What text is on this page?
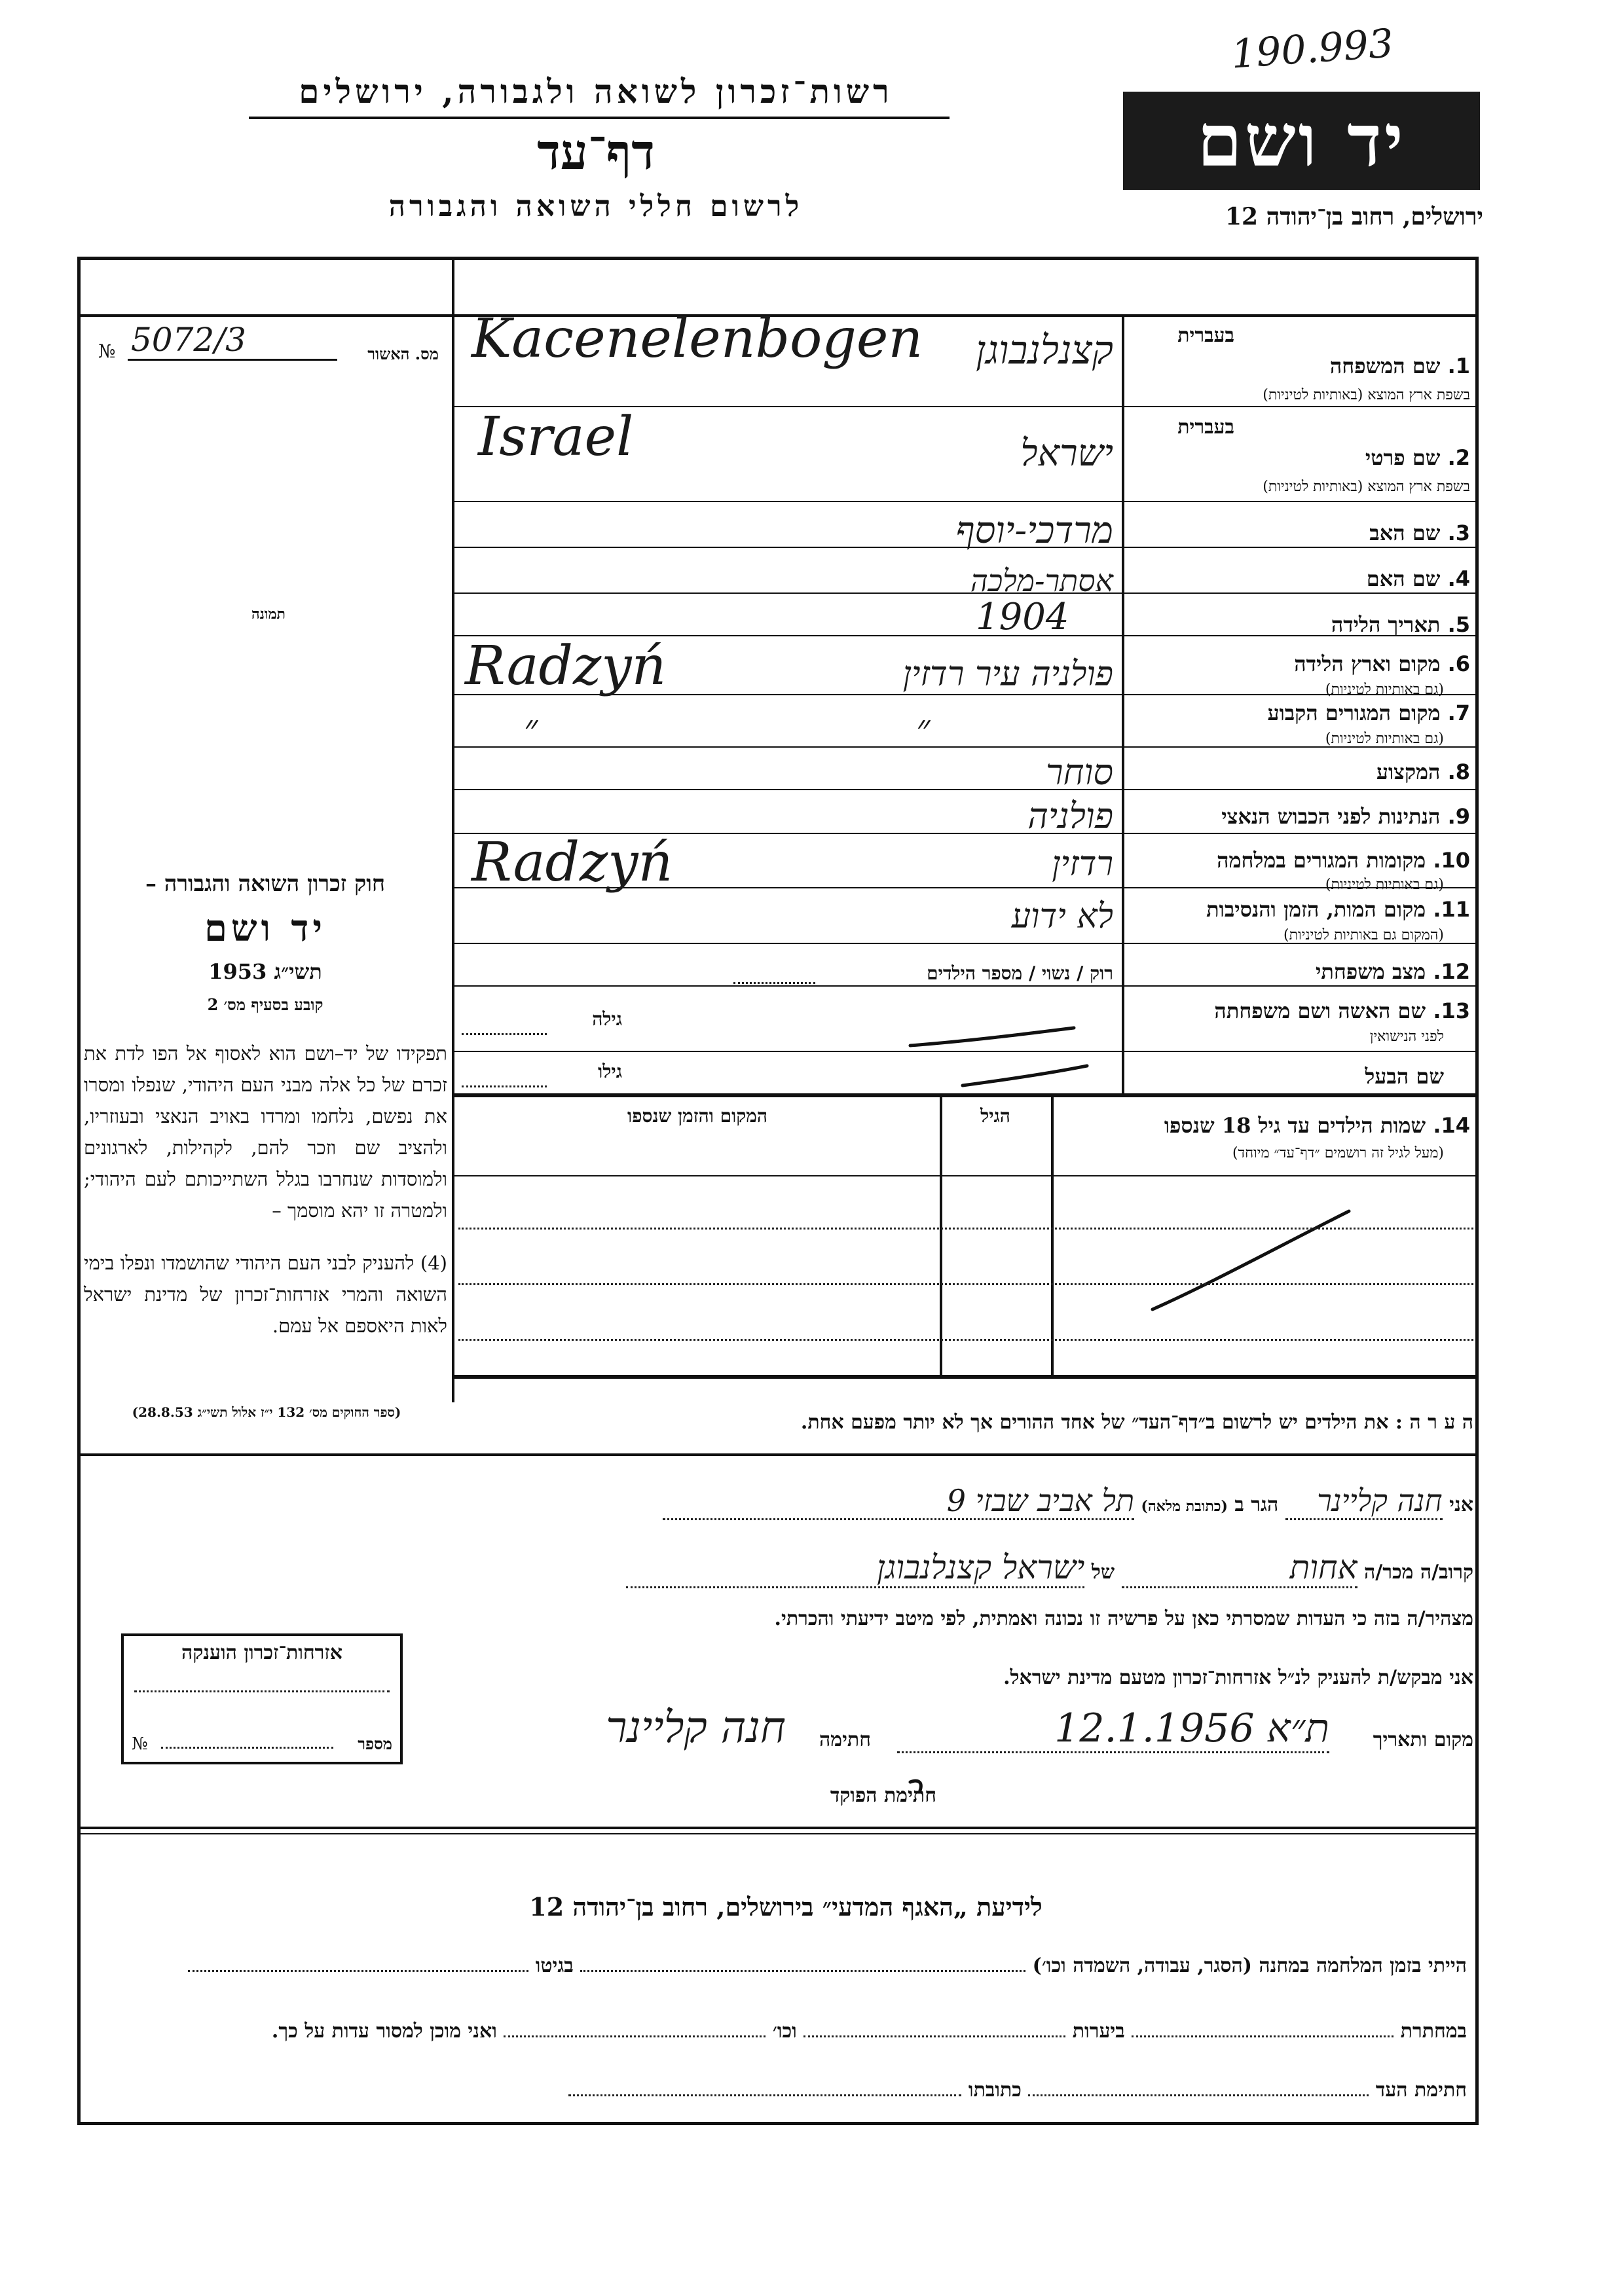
190.993
רשות־זכרון לשואה ולגבורה, ירושלים
דף־עד
לרשום חללי השואה והגבורה
יד ושם
ירושלים, רחוב בן־יהודה 12
מס. האשור
№ 5072/3
תמונה
חוק זכרון השואה והגבורה –
יד ושם
תשי״ג 1953
קובע בסעיף מס׳ 2
תפקידו של יד–ושם הוא לאסוף אל הפו לדת את זכרם של כל אלה מבני העם היהודי, שנפלו ומסרו את נפשם, נלחמו ומרדו באויב הנאצי ובעוזריו, ולהציב שם וזכר להם, לקהילות, לארגונים ולמוסדות שנחרבו בגלל השתייכותם לעם היהודי; ולמטרה זו יהא מוסמך –
(4) להעניק לבני העם היהודי שהושמדו ונפלו בימי השואה והמרי אזרחות־זכרון של מדינת ישראל לאות היאספם אל עמם.
(ספר החוקים מס׳ 132 י״ז אלול תשי״ג 28.8.53)
בעברית
1. שם המשפחה
בשפת ארץ המוצא (באותיות לטיניות)
Kacenelenbogen	קצנלנבוגן
בעברית
2. שם פרטי
בשפת ארץ המוצא (באותיות לטיניות)
Israel	ישראל
3. שם האב
מרדכי-יוסף
4. שם האם
אסתר-מלכה
5. תאריך הלידה
1904
6. מקום וארץ הלידה
(גם באותיות לטיניות)
Radzyń	פולניה עיר רדזין
7. מקום המגורים הקבוע
(גם באותיות לטיניות)
״ ״
8. המקצוע
סוחר
9. הנתינות לפני הכבוש הנאצי
פולניה
10. מקומות המגורים במלחמה
(גם באותיות לטיניות)
Radzyń	רדזין
11. מקום המות, הזמן והנסיבות
(המקום גם באותיות לטיניות)
לא ידוע
12. מצב משפחתי
רוק / נשוי / מספר הילדים
13. שם האשה ושם משפחתה
לפני הנישואין
גילה
שם הבעל
גילו
14. שמות הילדים עד גיל 18 שנספו
(מעל לגיל זה רושמים ״דף־עד״ מיוחד)
הגיל
המקום והזמן שנספו
ה ע ר ה : את הילדים יש לרשום ב״דף־העד״ של אחד ההורים אך לא יותר מפעם אחת.
אני חנה קליינר הגר ב (כתובת מלאה) תל אביב שבזי 9
קרוב/ה מכר/ה אחות של ישראל קצנלנבוגן
מצהיר/ה בזה כי העדות שמסרתי כאן על פרשיה זו נכונה ואמתית, לפי מיטב ידיעתי והכרתי.
אני מבקש/ת להעניק לנ״ל אזרחות־זכרון מטעם מדינת ישראל.
מקום ותאריך
ת״א 12.1.1956
חתימה
חנה קליינר
חתימת הפוקד
אזרחות־זכרון הוענקה
№	מספר
לידיעת „האגף המדעי״ בירושלים, רחוב בן־יהודה 12
הייתי בזמן המלחמה במחנה (הסגר, עבודה, השמדה וכו׳)  בגיטו
במחתרת  ביערות  וכו׳  ואני מוכן למסור עדות על כך.
חתימת העד  כתובתו
